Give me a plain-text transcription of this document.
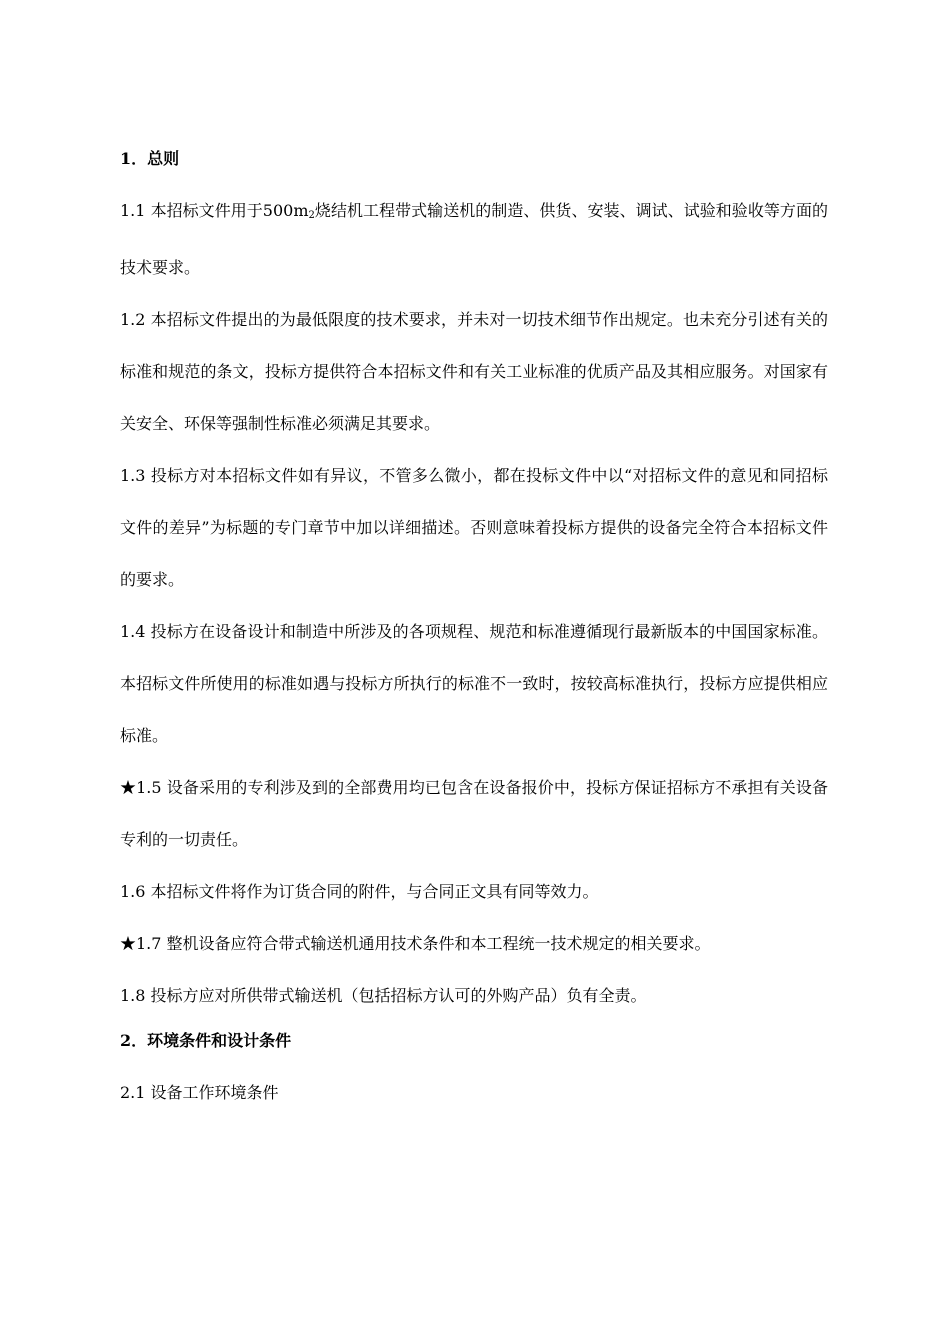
1．总则
1.1 本招标文件用于$500m_2$烧结机工程带式输送机的制造、供货、安装、调试、试验和验收等方面的技术要求。
1.2 本招标文件提出的为最低限度的技术要求，并未对一切技术细节作出规定。也未充分引述有关的标准和规范的条文，投标方提供符合本招标文件和有关工业标准的优质产品及其相应服务。对国家有关安全、环保等强制性标准必须满足其要求。
1.3 投标方对本招标文件如有异议，不管多么微小，都在投标文件中以“对招标文件的意见和同招标文件的差异”为标题的专门章节中加以详细描述。否则意味着投标方提供的设备完全符合本招标文件的要求。
1.4 投标方在设备设计和制造中所涉及的各项规程、规范和标准遵循现行最新版本的中国国家标准。本招标文件所使用的标准如遇与投标方所执行的标准不一致时，按较高标准执行，投标方应提供相应标准。
★1.5 设备采用的专利涉及到的全部费用均已包含在设备报价中，投标方保证招标方不承担有关设备专利的一切责任。
1.6 本招标文件将作为订货合同的附件，与合同正文具有同等效力。
★1.7 整机设备应符合带式输送机通用技术条件和本工程统一技术规定的相关要求。
1.8 投标方应对所供带式输送机（包括招标方认可的外购产品）负有全责。
2．环境条件和设计条件
2.1 设备工作环境条件
